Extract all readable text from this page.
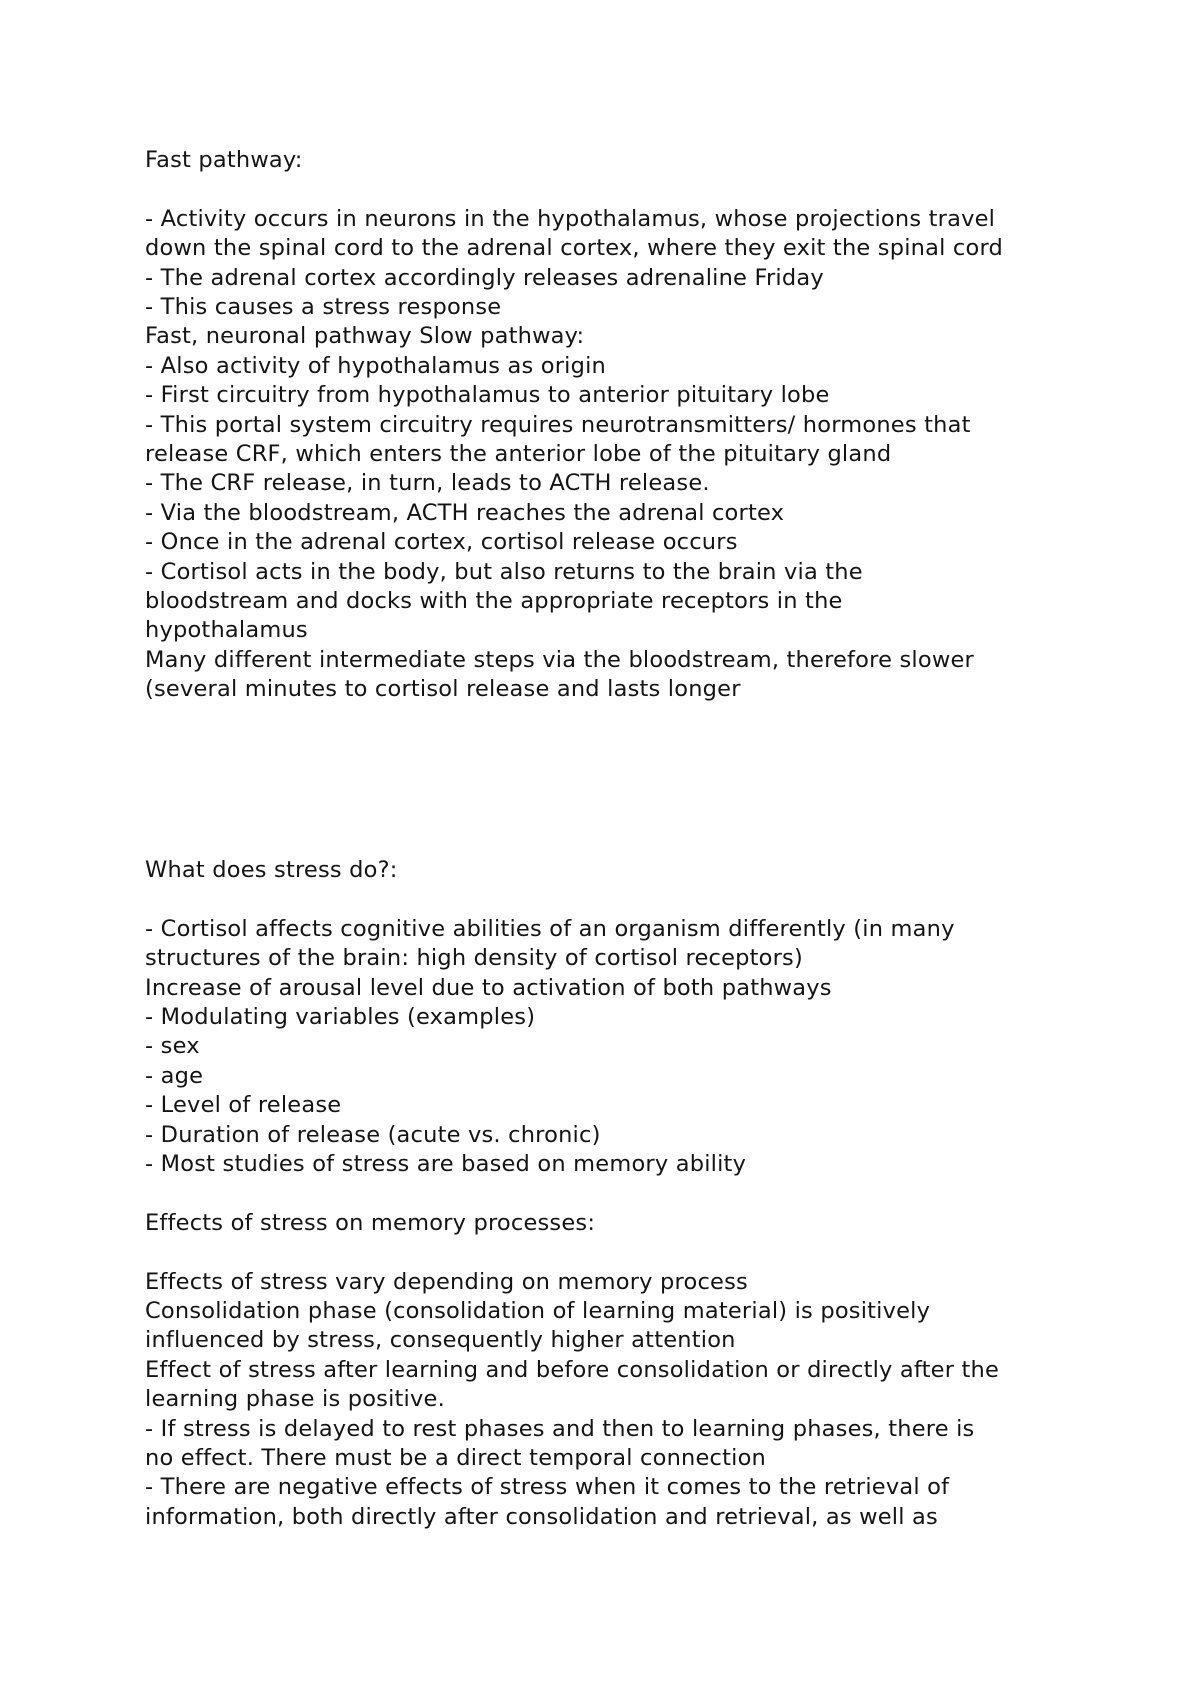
Fast pathway:
- Activity occurs in neurons in the hypothalamus, whose projections travel
down the spinal cord to the adrenal cortex, where they exit the spinal cord
- The adrenal cortex accordingly releases adrenaline Friday
- This causes a stress response
Fast, neuronal pathway Slow pathway:
- Also activity of hypothalamus as origin
- First circuitry from hypothalamus to anterior pituitary lobe
- This portal system circuitry requires neurotransmitters/ hormones that
release CRF, which enters the anterior lobe of the pituitary gland
- The CRF release, in turn, leads to ACTH release.
- Via the bloodstream, ACTH reaches the adrenal cortex
- Once in the adrenal cortex, cortisol release occurs
- Cortisol acts in the body, but also returns to the brain via the
bloodstream and docks with the appropriate receptors in the
hypothalamus
Many different intermediate steps via the bloodstream, therefore slower
(several minutes to cortisol release and lasts longer
What does stress do?:
- Cortisol affects cognitive abilities of an organism differently (in many
structures of the brain: high density of cortisol receptors)
Increase of arousal level due to activation of both pathways
- Modulating variables (examples)
- sex
- age
- Level of release
- Duration of release (acute vs. chronic)
- Most studies of stress are based on memory ability
Effects of stress on memory processes:
Effects of stress vary depending on memory process
Consolidation phase (consolidation of learning material) is positively
influenced by stress, consequently higher attention
Effect of stress after learning and before consolidation or directly after the
learning phase is positive.
- If stress is delayed to rest phases and then to learning phases, there is
no effect. There must be a direct temporal connection
- There are negative effects of stress when it comes to the retrieval of
information, both directly after consolidation and retrieval, as well as
